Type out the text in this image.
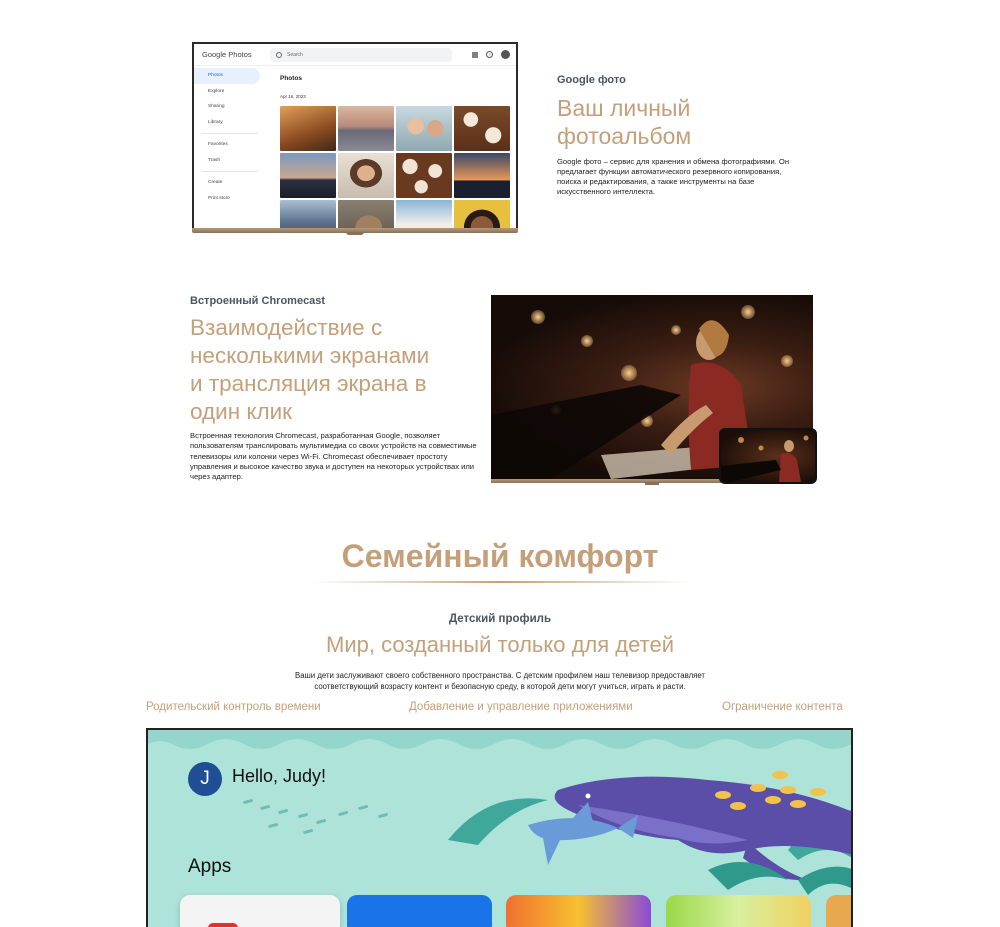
Google Photos	Search	?
Photos
Explore
Sharing
Library
Favorites
Trash
Create
Print store
Photos
Apr 16, 2023
Google фото
Ваш личный
фотоальбом
Google фото – сервис для хранения и обмена фотографиями. Он предлагает функции автоматического резервного копирования, поиска и редактирования, а также инструменты на базе искусственного интеллекта.
Встроенный Chromecast
Взаимодействие с
несколькими экранами
и трансляция экрана в
один клик
Встроенная технология Chromecast, разработанная Google, позволяет пользователям транслировать мультимедиа со своих устройств на совместимые телевизоры или колонки через Wi-Fi. Chromecast обеспечивает простоту управления и высокое качество звука и доступен на некоторых устройствах или через адаптер.
Семейный комфорт
Детский профиль
Мир, созданный только для детей
Ваши дети заслуживают своего собственного пространства. С детским профилем наш телевизор предоставляет
соответствующий возрасту контент и безопасную среду, в которой дети могут учиться, играть и расти.
Родительский контроль времени	Добавление и управление приложениями	Ограничение контента
J	Hello, Judy!
Apps
